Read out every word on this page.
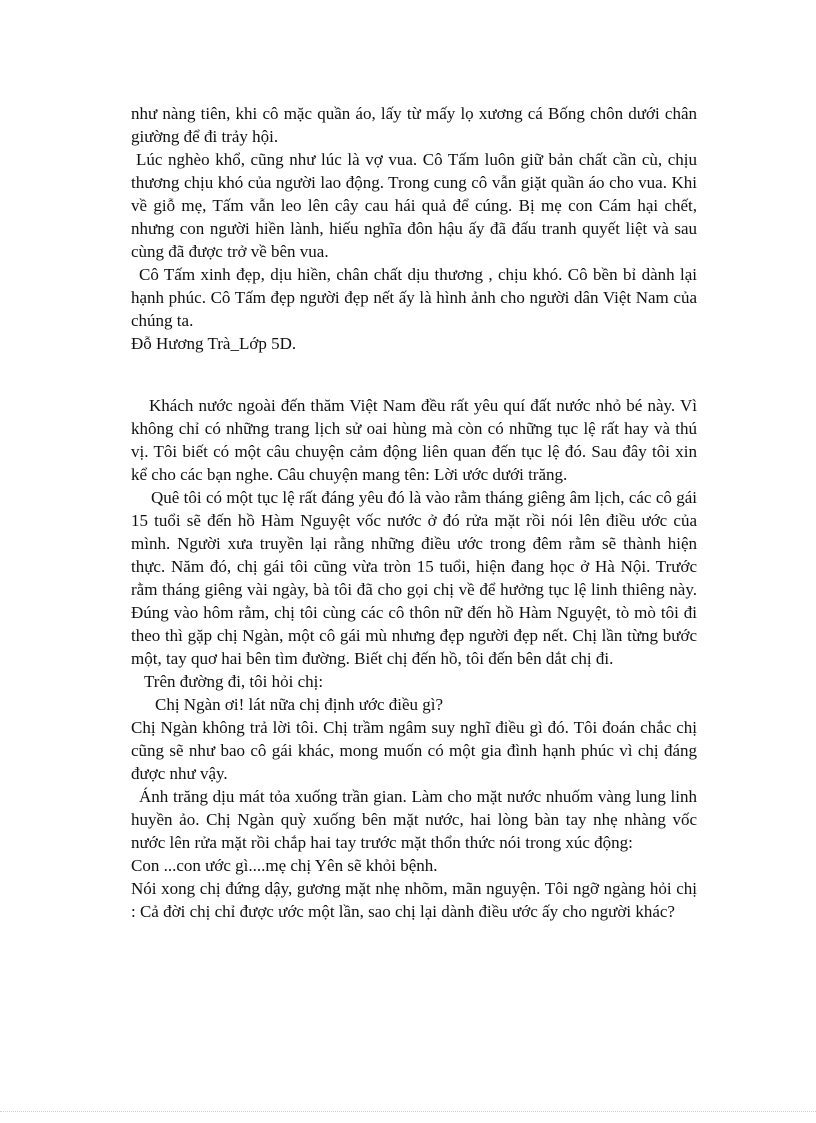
như nàng tiên, khi cô mặc quần áo, lấy từ mấy lọ xương cá Bống chôn dưới chân giường để đi trảy hội.

Lúc nghèo khổ, cũng như lúc là vợ vua. Cô Tấm luôn giữ bản chất cần cù, chịu thương chịu khó của người lao động. Trong cung cô vẫn giặt quần áo cho vua. Khi về giỗ mẹ, Tấm vẫn leo lên cây cau hái quả để cúng. Bị mẹ con Cám hại chết, nhưng con người hiền lành, hiếu nghĩa đôn hậu ấy đã đấu tranh quyết liệt và sau cùng đã được trở về bên vua.

Cô Tấm xinh đẹp, dịu hiền, chân chất dịu thương , chịu khó. Cô bền bỉ dành lại hạnh phúc. Cô Tấm đẹp người đẹp nết ấy là hình ảnh cho người dân Việt Nam của chúng ta.

Đỗ Hương Trà_Lớp 5D.

Khách nước ngoài đến thăm Việt Nam đều rất yêu quí đất nước nhỏ bé này. Vì không chỉ có những trang lịch sử oai hùng mà còn có những tục lệ rất hay và thú vị. Tôi biết có một câu chuyện cảm động liên quan đến tục lệ đó. Sau đây tôi xin kể cho các bạn nghe. Câu chuyện mang tên: Lời ước dưới trăng.

Quê tôi có một tục lệ rất đáng yêu đó là vào rằm tháng giêng âm lịch, các cô gái 15 tuổi sẽ đến hồ Hàm Nguyệt vốc nước ở đó rửa mặt rồi nói lên điều ước của mình. Người xưa truyền lại rằng những điều ước trong đêm rằm sẽ thành hiện thực. Năm đó, chị gái tôi cũng vừa tròn 15 tuổi, hiện đang học ở Hà Nội. Trước rằm tháng giêng vài ngày, bà tôi đã cho gọi chị về để hưởng tục lệ linh thiêng này. Đúng vào hôm rằm, chị tôi cùng các cô thôn nữ đến hồ Hàm Nguyệt, tò mò tôi đi theo thì gặp chị Ngàn, một cô gái mù nhưng đẹp người đẹp nết. Chị lần từng bước một, tay quơ hai bên tìm đường. Biết chị đến hồ, tôi đến bên dắt chị đi.

Trên đường đi, tôi hỏi chị:

Chị Ngàn ơi! lát nữa chị định ước điều gì?

Chị Ngàn không trả lời tôi. Chị trầm ngâm suy nghĩ điều gì đó. Tôi đoán chắc chị cũng sẽ như bao cô gái khác, mong muốn có một gia đình hạnh phúc vì chị đáng được như vậy.

Ánh trăng dịu mát tỏa xuống trần gian. Làm cho mặt nước nhuốm vàng lung linh huyền ảo. Chị Ngàn quỳ xuống bên mặt nước, hai lòng bàn tay nhẹ nhàng vốc nước lên rửa mặt rồi chắp hai tay trước mặt thổn thức nói trong xúc động:

Con ...con ước gì....mẹ chị Yên sẽ khỏi bệnh.

Nói xong chị đứng dậy, gương mặt nhẹ nhõm, mãn nguyện. Tôi ngỡ ngàng hỏi chị : Cả đời chị chỉ được ước một lần, sao chị lại dành điều ước ấy cho người khác?
